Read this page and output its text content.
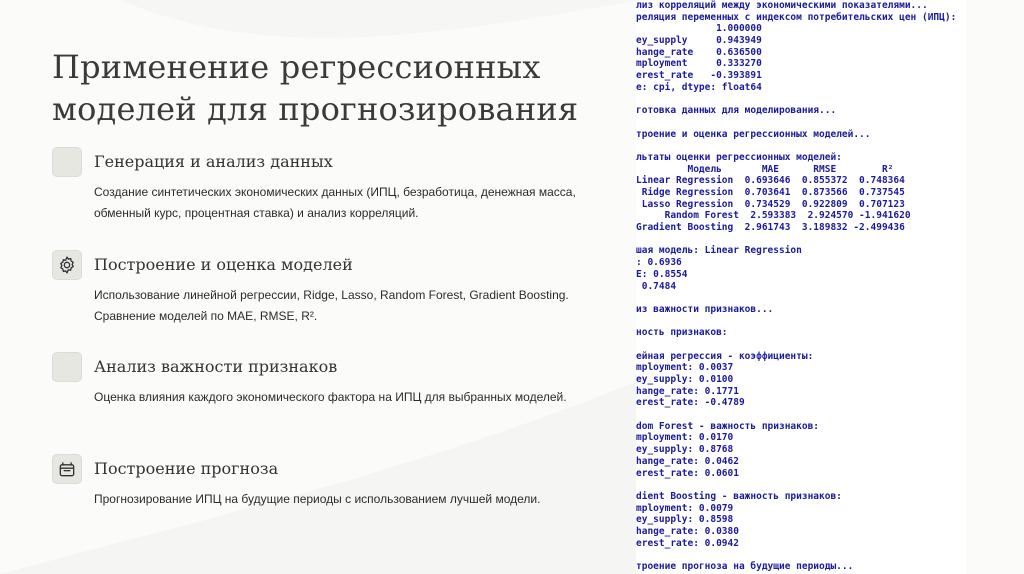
Применение регрессионных моделей для прогнозирования
Генерация и анализ данных

Создание синтетических экономических данных (ИПЦ, безработица, денежная масса, обменный курс, процентная ставка) и анализ корреляций.

Построение и оценка моделей

Использование линейной регрессии, Ridge, Lasso, Random Forest, Gradient Boosting. Сравнение моделей по MAE, RMSE, R².

Анализ важности признаков

Оценка влияния каждого экономического фактора на ИПЦ для выбранных моделей.

Построение прогноза

Прогнозирование ИПЦ на будущие периоды с использованием лучшей модели.

лиз корреляций между экономическими показателями...
реляция переменных с индексом потребительских цен (ИПЦ):
1.000000
ey_supply     0.943949
hange_rate    0.636500
mployment     0.333270
erest_rate   -0.393891
e: cpi, dtype: float64
готовка данных для моделирования...
троение и оценка регрессионных моделей...
льтаты оценки регрессионных моделей:
Модель       MAE      RMSE        R²
Linear Regression  0.693646  0.855372  0.748364
Ridge Regression  0.703641  0.873566  0.737545
Lasso Regression  0.734529  0.922809  0.707123
Random Forest  2.593383  2.924570 -1.941620
Gradient Boosting  2.961743  3.189832 -2.499436
шая модель: Linear Regression
: 0.6936
E: 0.8554
0.7484
из важности признаков...
ность признаков:
ейная регрессия - коэффициенты:
mployment: 0.0037
ey_supply: 0.0100
hange_rate: 0.1771
erest_rate: -0.4789
dom Forest - важность признаков:
mployment: 0.0170
ey_supply: 0.8768
hange_rate: 0.0462
erest_rate: 0.0601
dient Boosting - важность признаков:
mployment: 0.0079
ey_supply: 0.8598
hange_rate: 0.0380
erest_rate: 0.0942
троение прогноза на будущие периоды...
